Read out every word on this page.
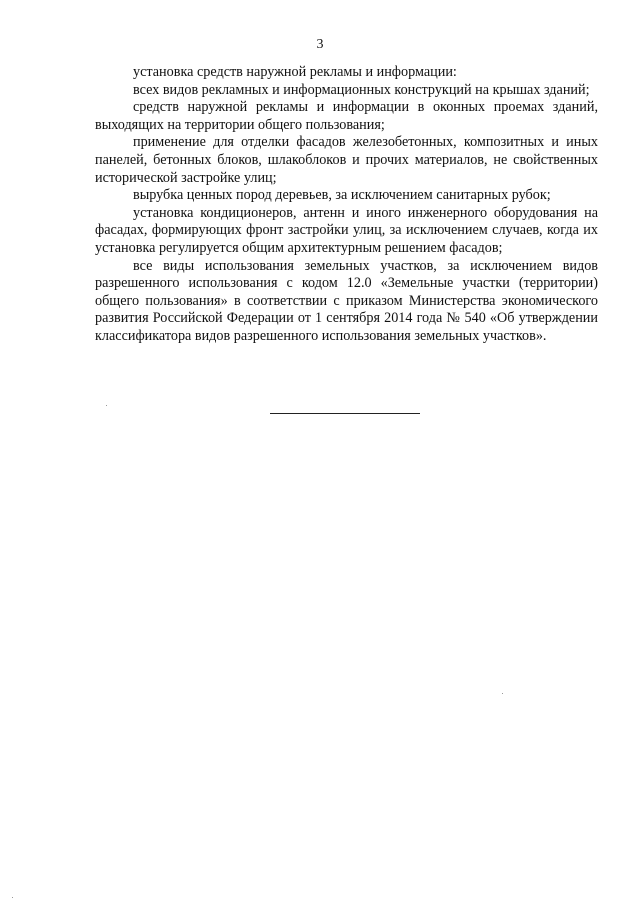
3

установка средств наружной рекламы и информации:

всех видов рекламных и информационных конструкций на крышах зданий;

средств наружной рекламы и информации в оконных проемах зданий, выходящих на территории общего пользования;

применение для отделки фасадов железобетонных, композитных и иных панелей, бетонных блоков, шлакоблоков и прочих материалов, не свойственных исторической застройке улиц;

вырубка ценных пород деревьев, за исключением санитарных рубок;

установка кондиционеров, антенн и иного инженерного оборудования на фасадах, формирующих фронт застройки улиц, за исключением случаев, когда их установка регулируется общим архитектурным решением фасадов;

все виды использования земельных участков, за исключением видов разрешенного использования с кодом 12.0 «Земельные участки (территории) общего пользования» в соответствии с приказом Министерства экономического развития Российской Федерации от 1 сентября 2014 года № 540 «Об утверждении классификатора видов разрешенного использования земельных участков».
